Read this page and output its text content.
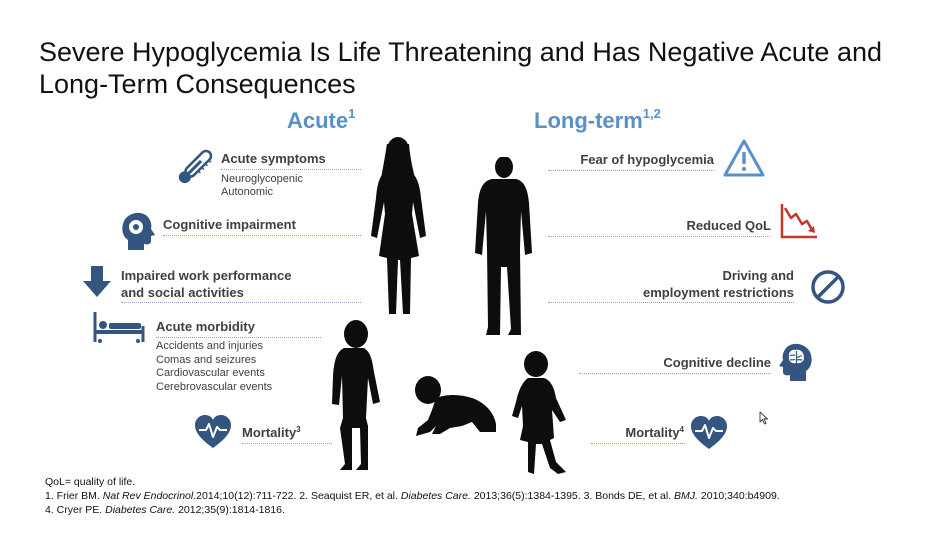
Severe Hypoglycemia Is Life Threatening and Has Negative Acute and Long-Term Consequences
Acute$^1$	Long-term$^{1,2}$
Acute symptoms
Neuroglycopenic
Autonomic
Cognitive impairment
Impaired work performance
and social activities
Acute morbidity
Accidents and injuries
Comas and seizures
Cardiovascular events
Cerebrovascular events
Mortality$^3$
Fear of hypoglycemia
Reduced QoL
Driving and
employment restrictions
Cognitive decline
Mortality$^4$
QoL= quality of life.
1. Frier BM. Nat Rev Endocrinol.2014;10(12):711-722. 2. Seaquist ER, et al. Diabetes Care. 2013;36(5):1384-1395. 3. Bonds DE, et al. BMJ. 2010;340:b4909.
4. Cryer PE. Diabetes Care. 2012;35(9):1814-1816.
